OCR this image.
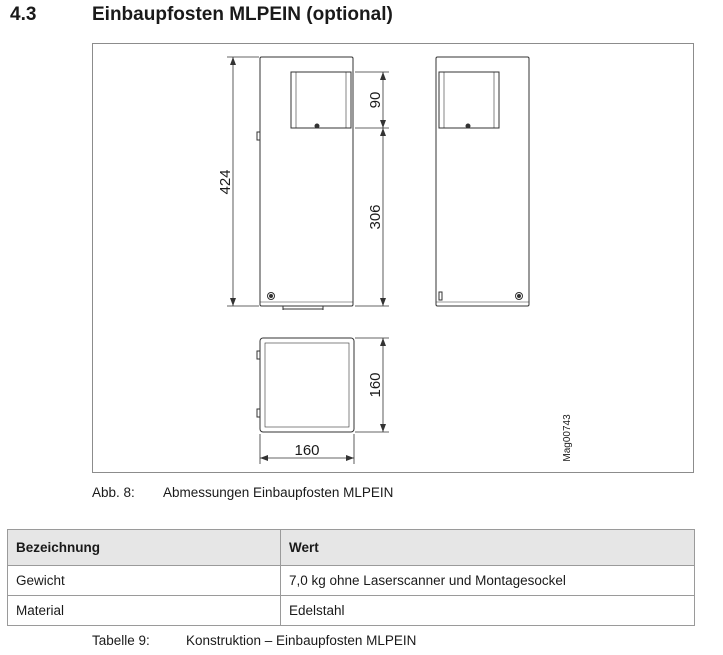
4.3	Einbaupfosten MLPEIN (optional)
424
90
306
160
160	Mag00743
Abb. 8: Abmessungen Einbaupfosten MLPEIN
Bezeichnung	Wert
Gewicht	7,0 kg ohne Laserscanner und Montagesockel
Material	Edelstahl
Tabelle 9:	Konstruktion – Einbaupfosten MLPEIN
